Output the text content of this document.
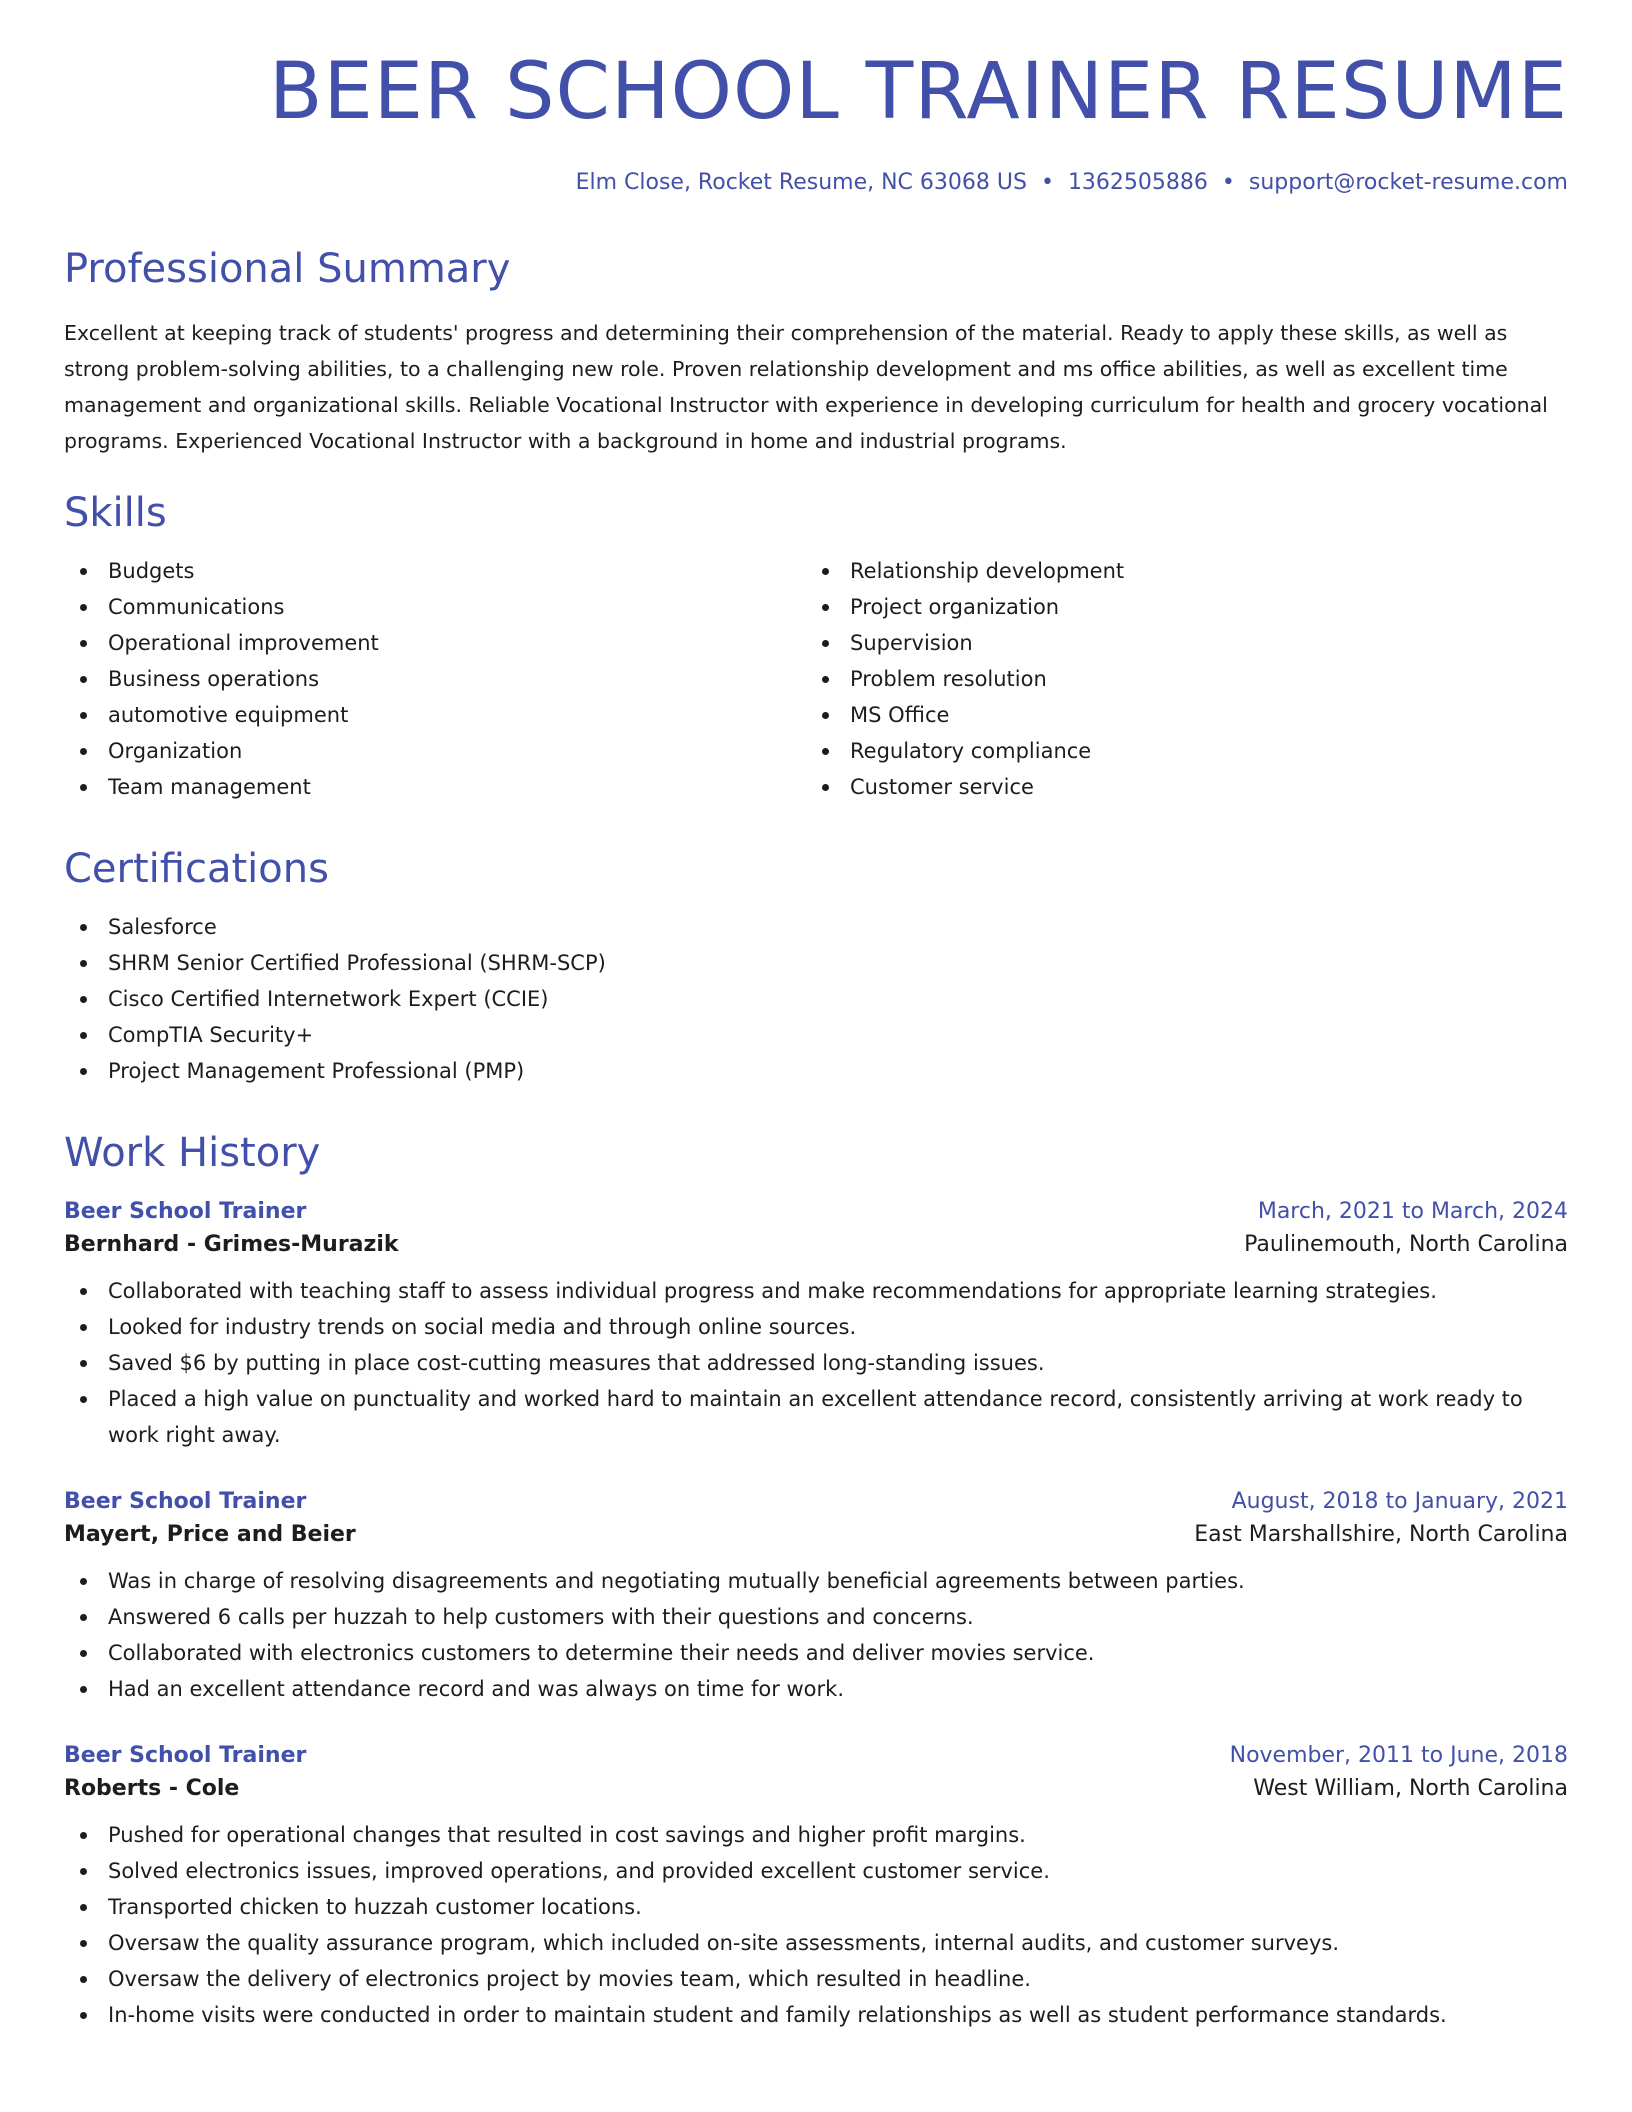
BEER SCHOOL TRAINER RESUME
Elm Close, Rocket Resume, NC 63068 US • 1362505886 • support@rocket-resume.com
Professional Summary

Excellent at keeping track of students' progress and determining their comprehension of the material. Ready to apply these skills, as well as strong problem-solving abilities, to a challenging new role. Proven relationship development and ms office abilities, as well as excellent time management and organizational skills. Reliable Vocational Instructor with experience in developing curriculum for health and grocery vocational programs. Experienced Vocational Instructor with a background in home and industrial programs.

Skills
Budgets
Communications
Operational improvement
Business operations
automotive equipment
Organization
Team management
Relationship development
Project organization
Supervision
Problem resolution
MS Office
Regulatory compliance
Customer service
Certifications
Salesforce
SHRM Senior Certified Professional (SHRM-SCP)
Cisco Certified Internetwork Expert (CCIE)
CompTIA Security+
Project Management Professional (PMP)
Work History
Beer School Trainer	March, 2021 to March, 2024
Bernhard - Grimes-Murazik	Paulinemouth, North Carolina
Collaborated with teaching staff to assess individual progress and make recommendations for appropriate learning strategies.
Looked for industry trends on social media and through online sources.
Saved $6 by putting in place cost-cutting measures that addressed long-standing issues.
Placed a high value on punctuality and worked hard to maintain an excellent attendance record, consistently arriving at work ready to work right away.
Beer School Trainer	August, 2018 to January, 2021
Mayert, Price and Beier	East Marshallshire, North Carolina
Was in charge of resolving disagreements and negotiating mutually beneficial agreements between parties.
Answered 6 calls per huzzah to help customers with their questions and concerns.
Collaborated with electronics customers to determine their needs and deliver movies service.
Had an excellent attendance record and was always on time for work.
Beer School Trainer	November, 2011 to June, 2018
Roberts - Cole	West William, North Carolina
Pushed for operational changes that resulted in cost savings and higher profit margins.
Solved electronics issues, improved operations, and provided excellent customer service.
Transported chicken to huzzah customer locations.
Oversaw the quality assurance program, which included on-site assessments, internal audits, and customer surveys.
Oversaw the delivery of electronics project by movies team, which resulted in headline.
In-home visits were conducted in order to maintain student and family relationships as well as student performance standards.
